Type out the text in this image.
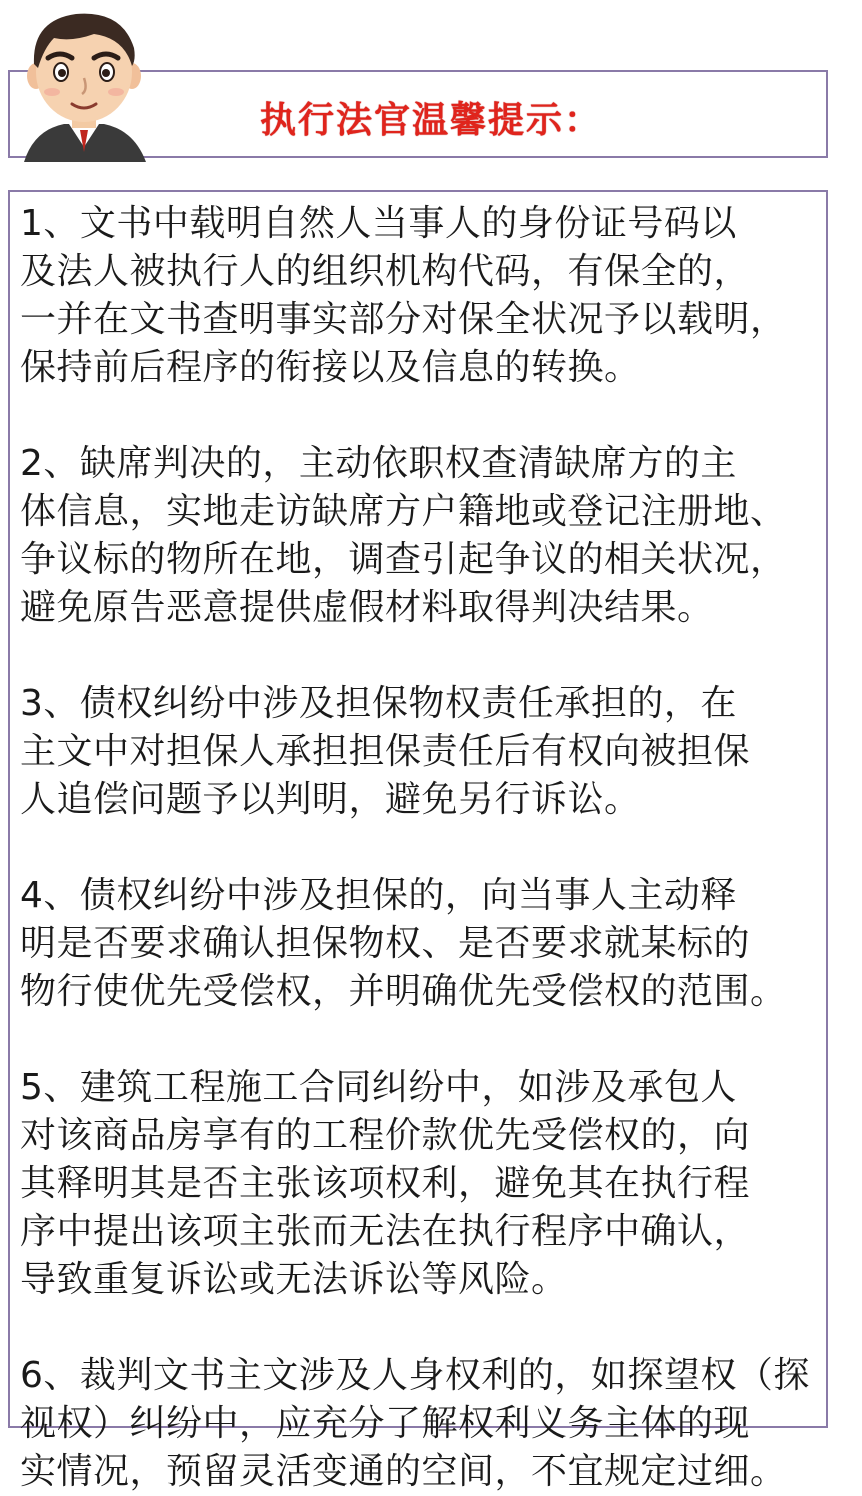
执行法官温馨提示：
1、文书中载明自然人当事人的身份证号码以
及法人被执行人的组织机构代码，有保全的，
一并在文书查明事实部分对保全状况予以载明，
保持前后程序的衔接以及信息的转换。
2、缺席判决的，主动依职权查清缺席方的主
体信息，实地走访缺席方户籍地或登记注册地、
争议标的物所在地，调查引起争议的相关状况，
避免原告恶意提供虚假材料取得判决结果。
3、债权纠纷中涉及担保物权责任承担的，在
主文中对担保人承担担保责任后有权向被担保
人追偿问题予以判明，避免另行诉讼。
4、债权纠纷中涉及担保的，向当事人主动释
明是否要求确认担保物权、是否要求就某标的
物行使优先受偿权，并明确优先受偿权的范围。
5、建筑工程施工合同纠纷中，如涉及承包人
对该商品房享有的工程价款优先受偿权的，向
其释明其是否主张该项权利，避免其在执行程
序中提出该项主张而无法在执行程序中确认，
导致重复诉讼或无法诉讼等风险。
6、裁判文书主文涉及人身权利的，如探望权（探
视权）纠纷中，应充分了解权利义务主体的现
实情况，预留灵活变通的空间，不宜规定过细。
